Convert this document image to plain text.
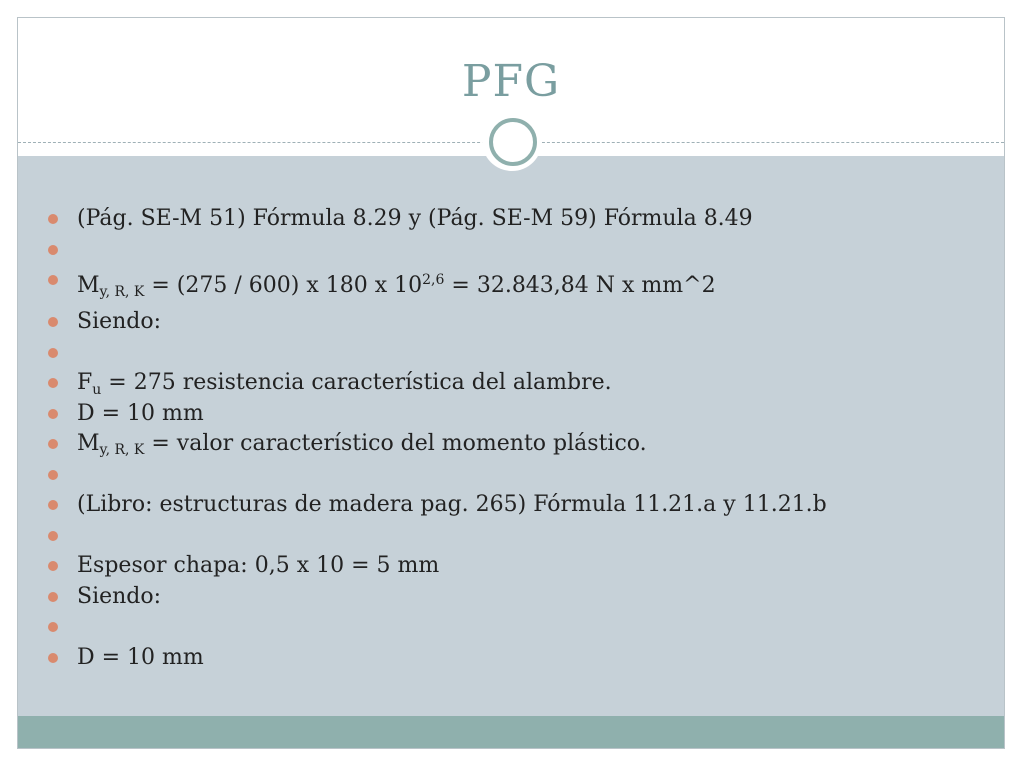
PFG
(Pág. SE-M 51) Fórmula 8.29 y (Pág. SE-M 59) Fórmula 8.49
My, R, K = (275 / 600) x 180 x $10^{2,6} = 32.843,84$ N x mm^2
Siendo:
$F_u = 275$ resistencia característica del alambre.
D = 10 mm
My, R, K = valor característico del momento plástico.
(Libro: estructuras de madera pag. 265) Fórmula 11.21.a y 11.21.b
Espesor chapa: 0,5 x 10 = 5 mm
Siendo:
D = 10 mm
